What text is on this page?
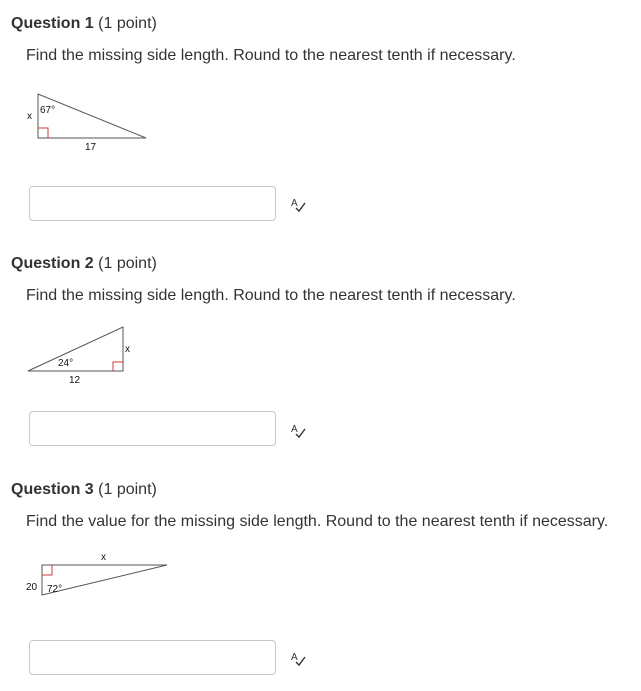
Question 1 (1 point)
Find the missing side length. Round to the nearest tenth if necessary.
67°
x
17
A
Question 2 (1 point)
Find the missing side length. Round to the nearest tenth if necessary.
24°
x
12
A
Question 3 (1 point)
Find the value for the missing side length. Round to the nearest tenth if necessary.
x
20 72°
A
